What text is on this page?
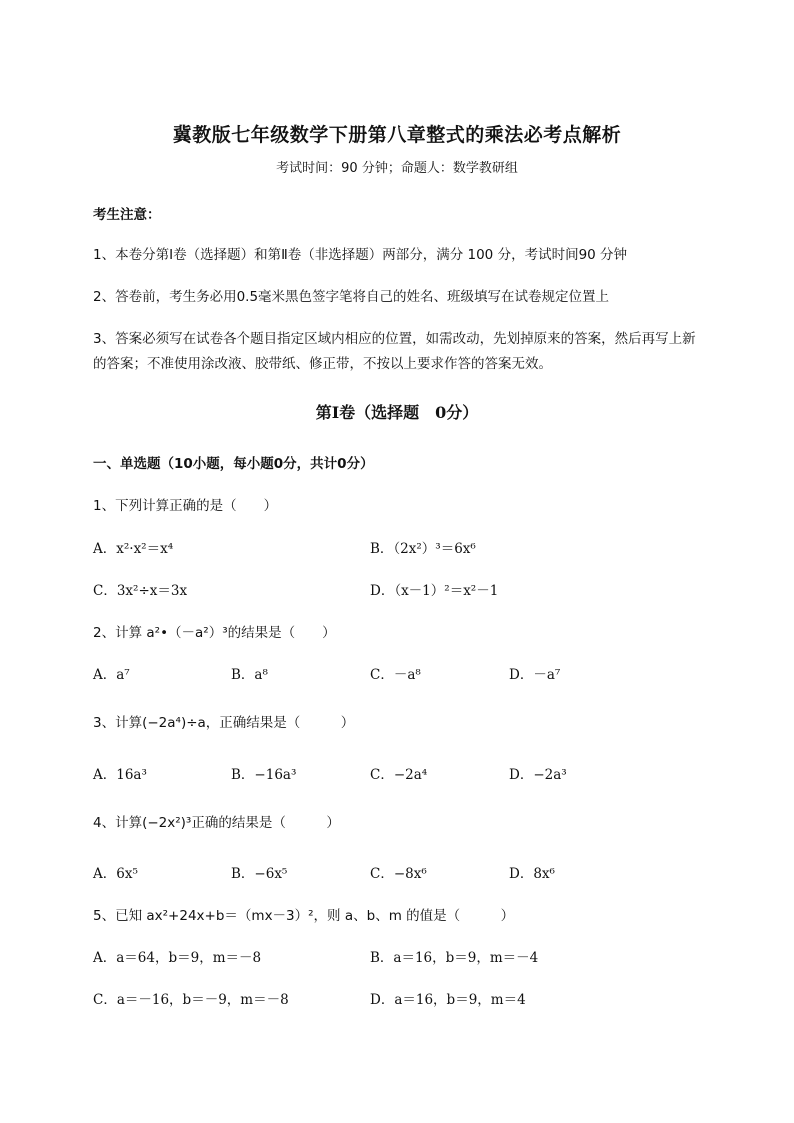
冀教版七年级数学下册第八章整式的乘法必考点解析
考试时间：90 分钟；命题人：数学教研组
考生注意：
1、本卷分第Ⅰ卷（选择题）和第Ⅱ卷（非选择题）两部分，满分 100 分，考试时间90 分钟
2、答卷前，考生务必用0.5毫米黑色签字笔将自己的姓名、班级填写在试卷规定位置上
3、答案必须写在试卷各个题目指定区域内相应的位置，如需改动，先划掉原来的答案，然后再写上新
的答案；不准使用涂改液、胶带纸、修正带，不按以上要求作答的答案无效。
第Ⅰ卷（选择题　0分）
一、单选题（10小题，每小题0分，共计0分）
1、下列计算正确的是（　　）
A．x²·x²＝x⁴	B．（2x²）³＝6x⁶
C．3x²÷x＝3x	D．（x－1）²＝x²－1
2、计算 a²•（－a²）³的结果是（　　）
A．a⁷	B．a⁸	C．－a⁸	D．－a⁷
3、计算(−2a⁴)÷a，正确结果是（　　　）
A．16a³	B．−16a³	C．−2a⁴	D．−2a³
4、计算(−2x²)³正确的结果是（　　　）
A．6x⁵	B．−6x⁵	C．−8x⁶	D．8x⁶
5、已知 ax²+24x+b＝（mx－3）²，则 a、b、m 的值是（　　　）
A．a＝64，b＝9，m＝－8	B．a＝16，b＝9，m＝－4
C．a＝－16，b＝－9，m＝－8	D．a＝16，b＝9，m＝4
